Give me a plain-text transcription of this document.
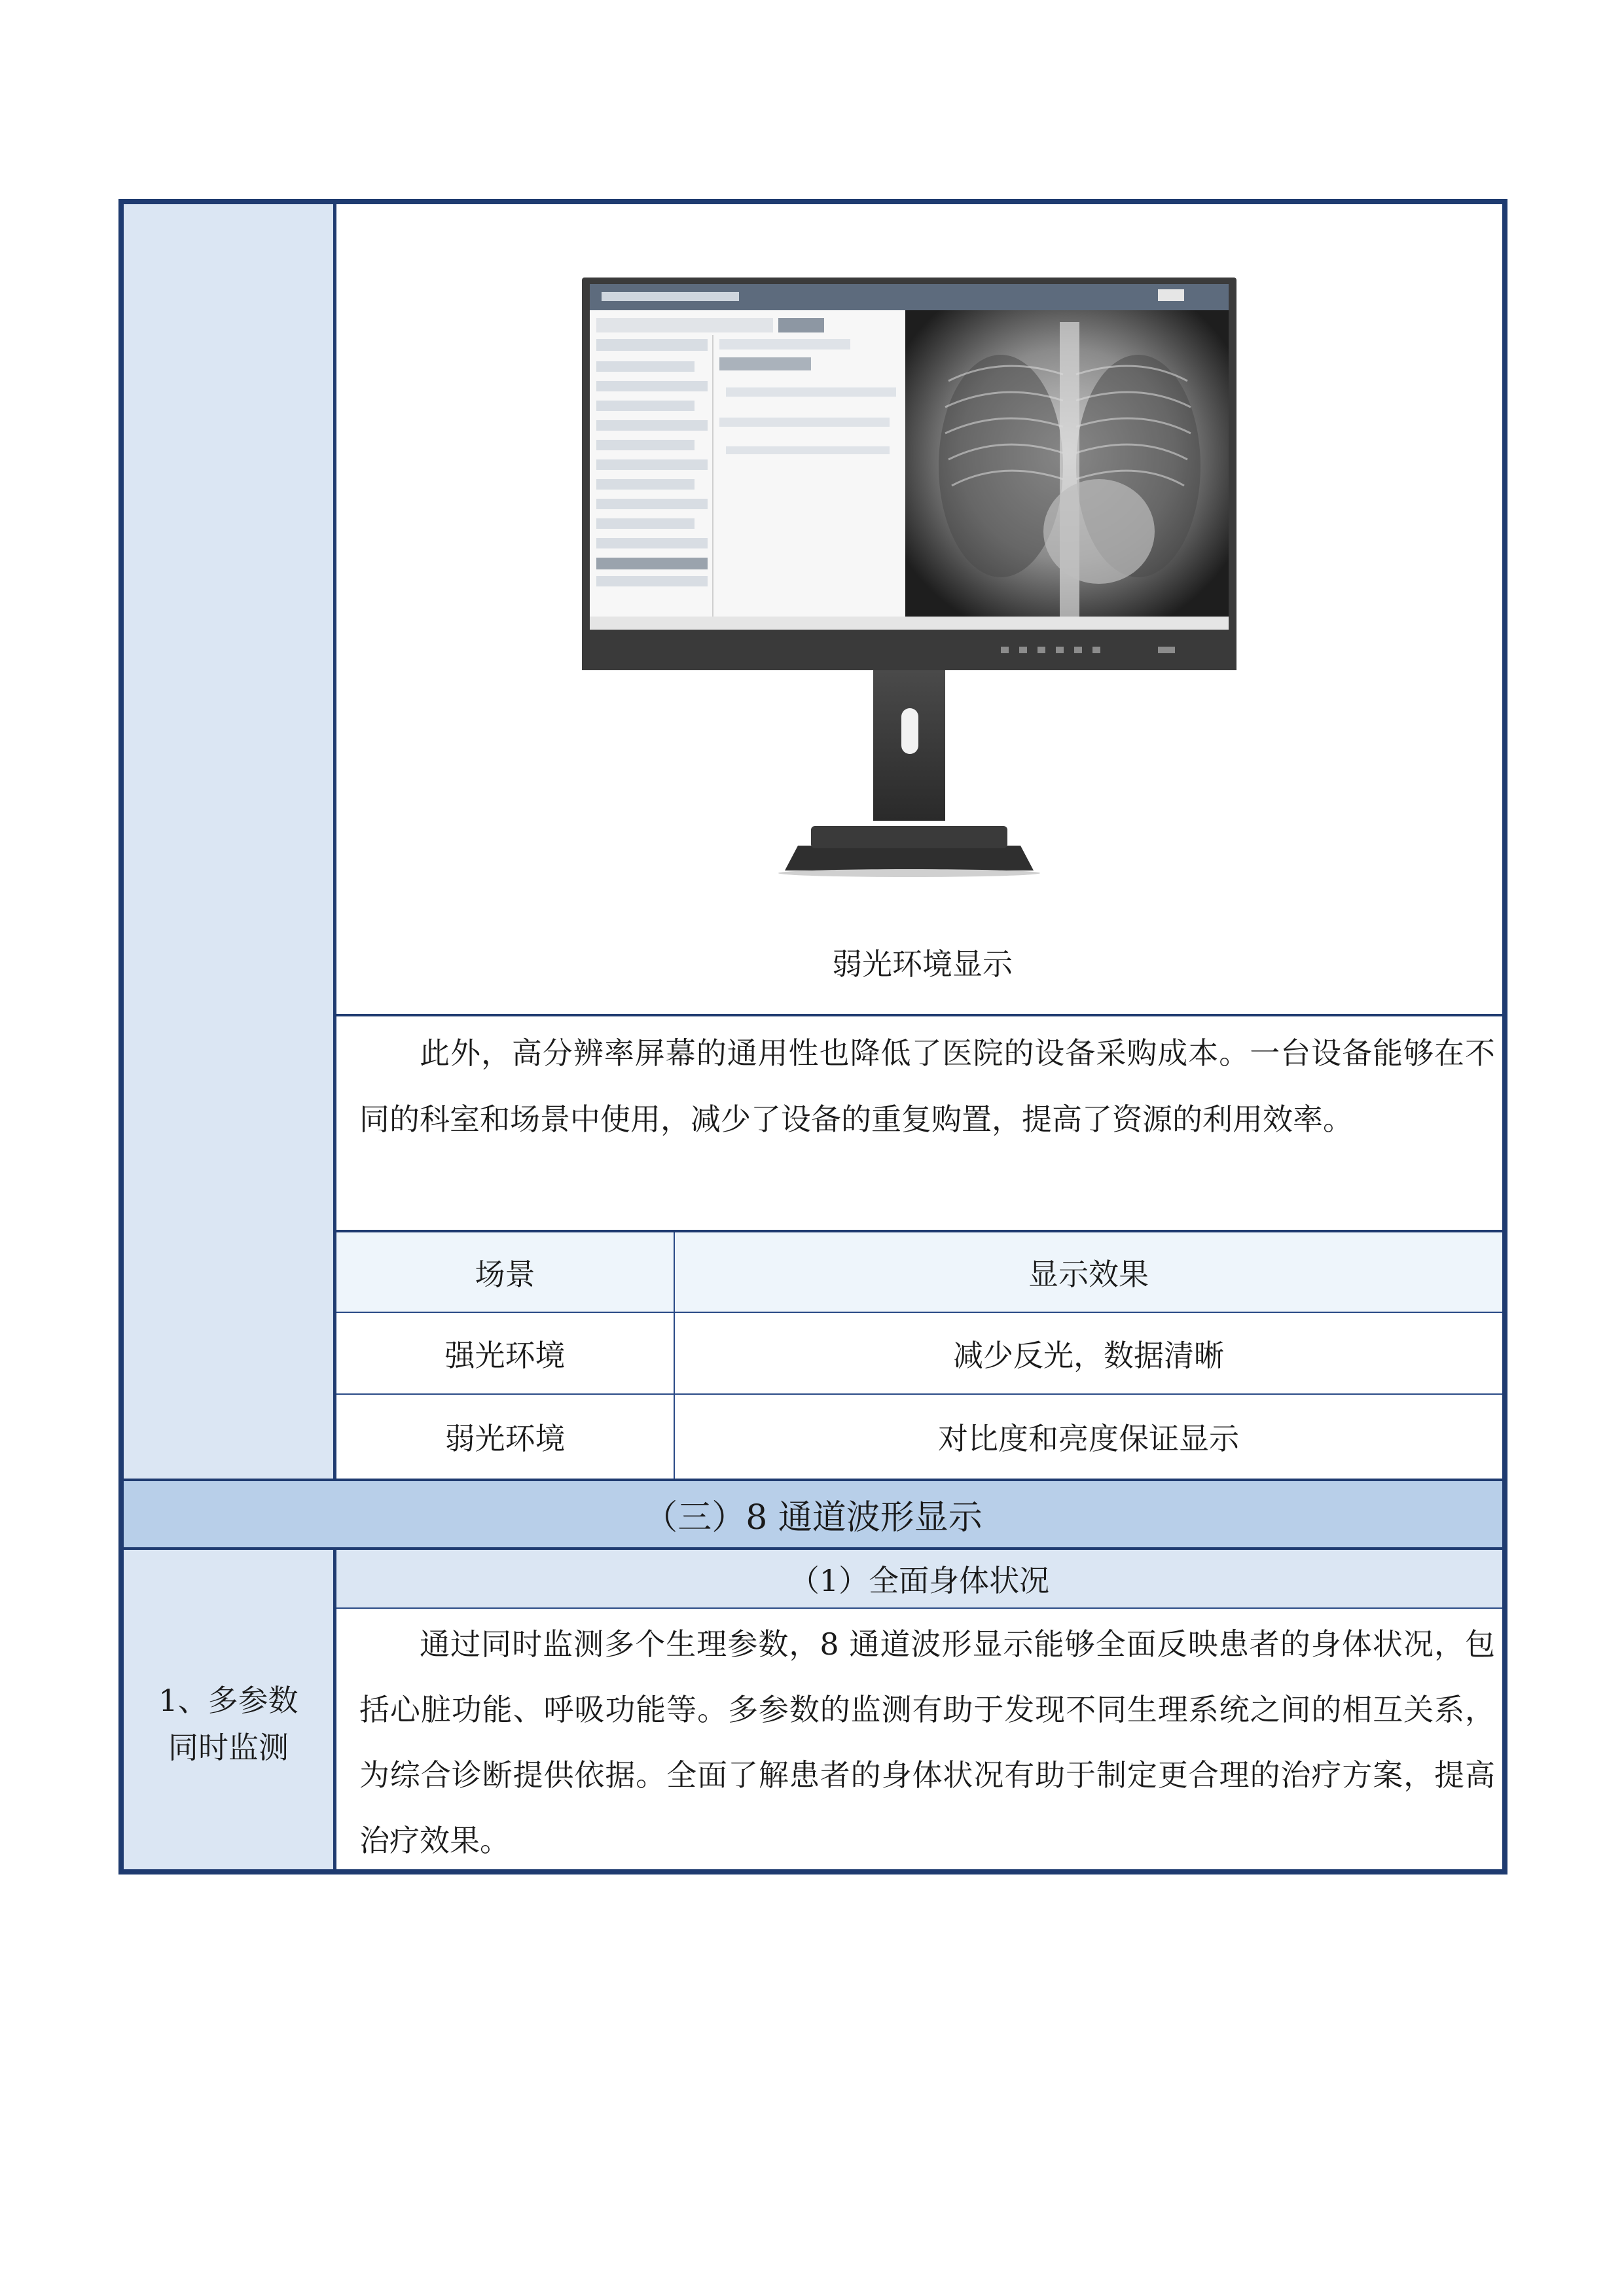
弱光环境显示
此外，高分辨率屏幕的通用性也降低了医院的设备采购成本。一台设备能够在不同的科室和场景中使用，减少了设备的重复购置，提高了资源的利用效率。
场景	显示效果
强光环境	减少反光，数据清晰
弱光环境	对比度和亮度保证显示
（三）8 通道波形显示
（1）全面身体状况
1、多参数
同时监测
通过同时监测多个生理参数，8 通道波形显示能够全面反映患者的身体状况，包括心脏功能、呼吸功能等。多参数的监测有助于发现不同生理系统之间的相互关系，为综合诊断提供依据。全面了解患者的身体状况有助于制定更合理的治疗方案，提高治疗效果。
